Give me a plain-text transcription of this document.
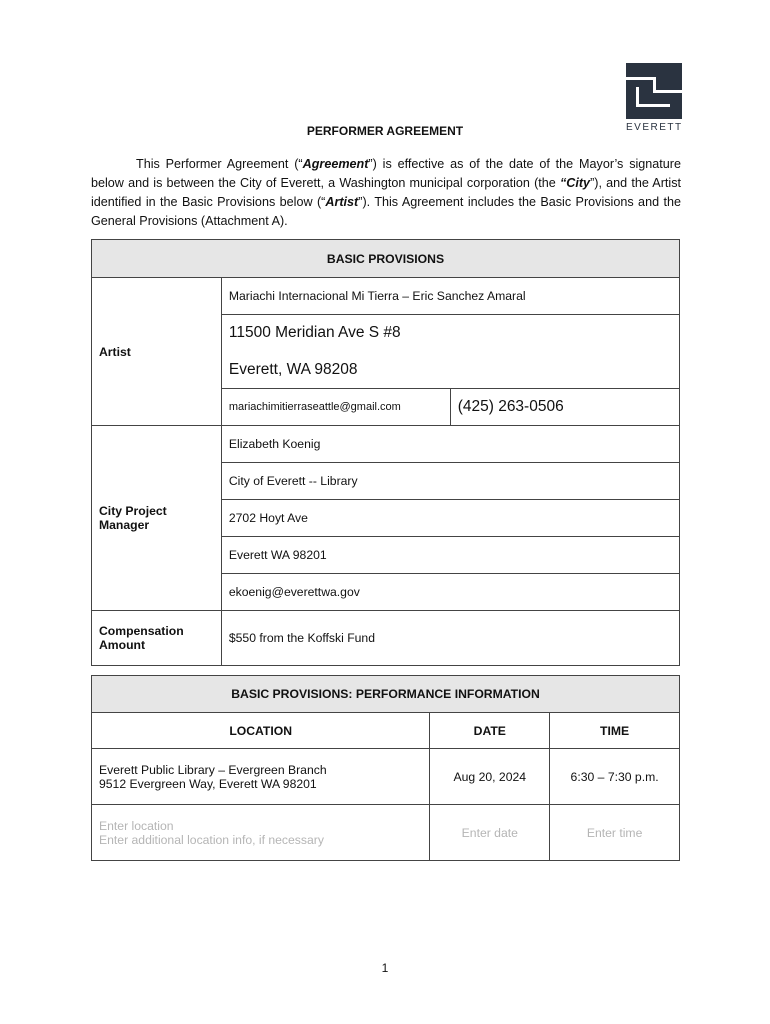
EVERETT
PERFORMER AGREEMENT
This Performer Agreement (“Agreement”) is effective as of the date of the Mayor’s signature below and is between the City of Everett, a Washington municipal corporation (the “City”), and the Artist identified in the Basic Provisions below (“Artist”). This Agreement includes the Basic Provisions and the General Provisions (Attachment A).
BASIC PROVISIONS		
Artist	Mariachi Internacional Mi Tierra – Eric Sanchez Amaral	
	11500 Meridian Ave S #8	
	Everett, WA 98208	
	mariachimitierraseattle@gmail.com	(425) 263-0506
City Project Manager	Elizabeth Koenig	
	City of Everett -- Library	
	2702 Hoyt Ave	
	Everett WA 98201	
	ekoenig@everettwa.gov	
Compensation Amount	$550 from the Koffski Fund	
BASIC PROVISIONS: PERFORMANCE INFORMATION		
LOCATION	DATE	TIME

Everett Public Library – Evergreen Branch
9512 Evergreen Way, Everett WA 98201	Aug 20, 2024	6:30 – 7:30 p.m.

Enter location
Enter additional location info, if necessary	Enter date	Enter time
1
